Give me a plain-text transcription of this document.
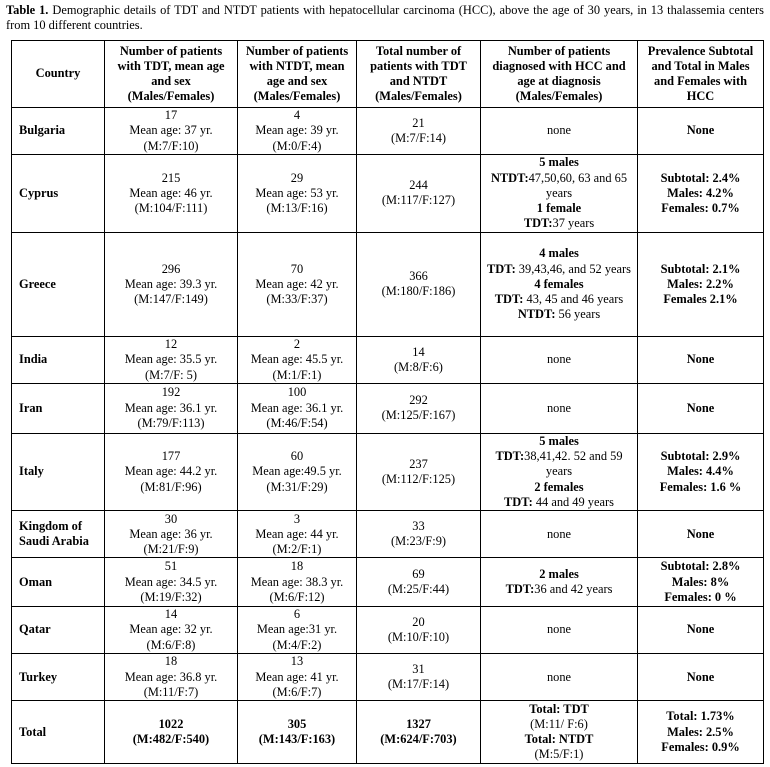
Table 1. Demographic details of TDT and NTDT patients with hepatocellular carcinoma (HCC), above the age of 30 years, in 13 thalassemia centers from 10 different countries.
Country	Number of patients with TDT, mean age and sex (Males/Females)	Number of patients with NTDT, mean age and sex (Males/Females)	Total number of patients with TDT and NTDT (Males/Females)	Number of patients diagnosed with HCC and age at diagnosis (Males/Females)	Prevalence Subtotal and Total in Males and Females with HCC
Bulgaria	17
Mean age: 37 yr.
(M:7/F:10)	4
Mean age: 39 yr.
(M:0/F:4)	21
(M:7/F:14)	none	None

Cyprus	215
Mean age: 46 yr.
(M:104/F:111)	29
Mean age: 53 yr.
(M:13/F:16)	244
(M:117/F:127)	5 males
NTDT:47,50,60, 63 and 65 years
1 female
TDT:37 years	Subtotal: 2.4%
Males: 4.2%
Females: 0.7%

Greece	296
Mean age: 39.3 yr.
(M:147/F:149)	70
Mean age: 42 yr.
(M:33/F:37)	366
(M:180/F:186)	4 males
TDT: 39,43,46, and 52 years
4 females
TDT: 43, 45 and 46 years
NTDT: 56 years	Subtotal: 2.1%
Males: 2.2%
Females 2.1%

India	12
Mean age: 35.5 yr.
(M:7/F: 5)	2
Mean age: 45.5 yr.
(M:1/F:1)	14
(M:8/F:6)	none	None

Iran	192
Mean age: 36.1 yr.
(M:79/F:113)	100
Mean age: 36.1 yr.
(M:46/F:54)	292
(M:125/F:167)	none	None

Italy	177
Mean age: 44.2 yr.
(M:81/F:96)	60
Mean age:49.5 yr.
(M:31/F:29)	237
(M:112/F:125)	5 males
TDT:38,41,42. 52 and 59 years
2 females
TDT: 44 and 49 years	Subtotal: 2.9%
Males: 4.4%
Females: 1.6 %

Kingdom of Saudi Arabia	30
Mean age: 36 yr.
(M:21/F:9)	3
Mean age: 44 yr.
(M:2/F:1)	33
(M:23/F:9)	none	None

Oman	51
Mean age: 34.5 yr.
(M:19/F:32)	18
Mean age: 38.3 yr.
(M:6/F:12)	69
(M:25/F:44)	2 males
TDT:36 and 42 years	Subtotal: 2.8%
Males: 8%
Females: 0 %

Qatar	14
Mean age: 32 yr.
(M:6/F:8)	6
Mean age:31 yr.
(M:4/F:2)	20
(M:10/F:10)	none	None

Turkey	18
Mean age: 36.8 yr.
(M:11/F:7)	13
Mean age: 41 yr.
(M:6/F:7)	31
(M:17/F:14)	none	None

Total	1022
(M:482/F:540)	305
(M:143/F:163)	1327
(M:624/F:703)	Total: TDT
(M:11/ F:6)
Total: NTDT
(M:5/F:1)	Total: 1.73%
Males: 2.5%
Females: 0.9%
